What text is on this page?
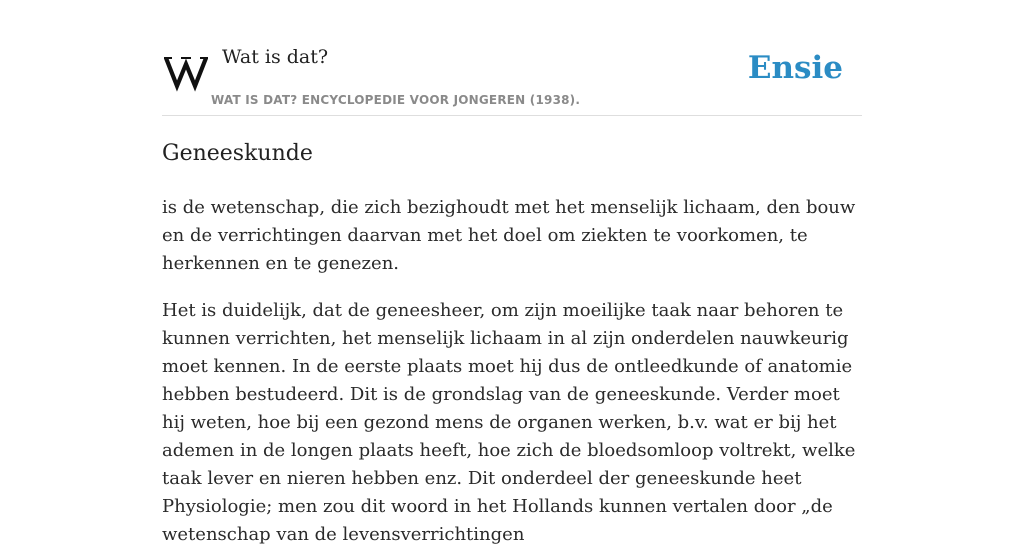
Wat is dat?
WAT IS DAT? ENCYCLOPEDIE VOOR JONGEREN (1938).
Ensie
Geneeskunde

is de wetenschap, die zich bezighoudt met het menselijk lichaam, den bouw en de verrichtingen daarvan met het doel om ziekten te voorkomen, te herkennen en te genezen.

Het is duidelijk, dat de geneesheer, om zijn moeilijke taak naar behoren te kunnen verrichten, het menselijk lichaam in al zijn onderdelen nauwkeurig moet kennen. In de eerste plaats moet hij dus de ontleedkunde of anatomie hebben bestudeerd. Dit is de grondslag van de geneeskunde. Verder moet hij weten, hoe bij een gezond mens de organen werken, b.v. wat er bij het ademen in de longen plaats heeft, hoe zich de bloedsomloop voltrekt, welke taak lever en nieren hebben enz. Dit onderdeel der geneeskunde heet Physiologie; men zou dit woord in het Hollands kunnen vertalen door „de wetenschap van de levensverrichtingen
